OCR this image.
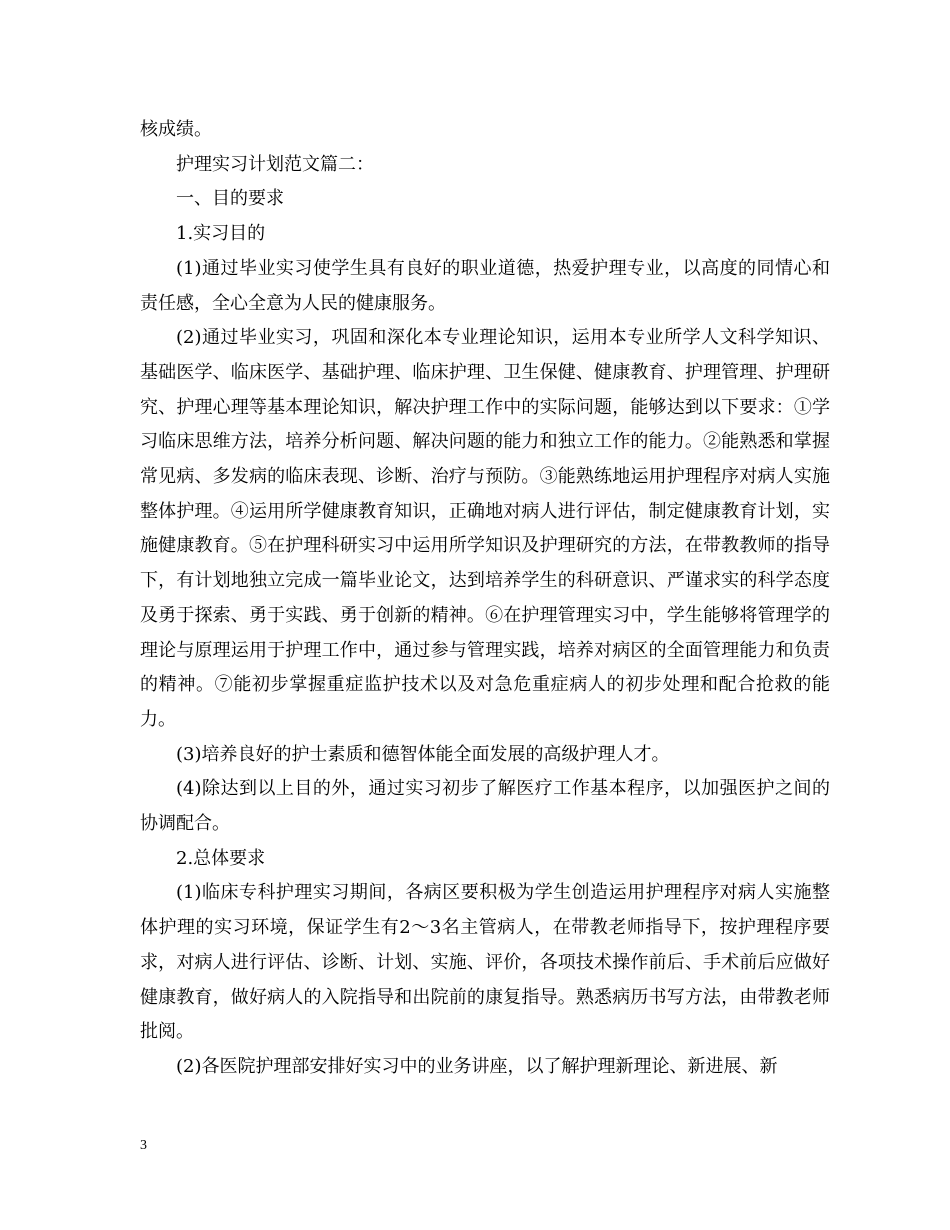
核成绩。

护理实习计划范文篇二：

一、目的要求

1.实习目的

(1)通过毕业实习使学生具有良好的职业道德，热爱护理专业，以高度的同情心和责任感，全心全意为人民的健康服务。

(2)通过毕业实习，巩固和深化本专业理论知识，运用本专业所学人文科学知识、基础医学、临床医学、基础护理、临床护理、卫生保健、健康教育、护理管理、护理研究、护理心理等基本理论知识，解决护理工作中的实际问题，能够达到以下要求：①学习临床思维方法，培养分析问题、解决问题的能力和独立工作的能力。②能熟悉和掌握常见病、多发病的临床表现、诊断、治疗与预防。③能熟练地运用护理程序对病人实施整体护理。④运用所学健康教育知识，正确地对病人进行评估，制定健康教育计划，实施健康教育。⑤在护理科研实习中运用所学知识及护理研究的方法，在带教教师的指导下，有计划地独立完成一篇毕业论文，达到培养学生的科研意识、严谨求实的科学态度及勇于探索、勇于实践、勇于创新的精神。⑥在护理管理实习中，学生能够将管理学的理论与原理运用于护理工作中，通过参与管理实践，培养对病区的全面管理能力和负责的精神。⑦能初步掌握重症监护技术以及对急危重症病人的初步处理和配合抢救的能力。

(3)培养良好的护士素质和德智体能全面发展的高级护理人才。

(4)除达到以上目的外，通过实习初步了解医疗工作基本程序，以加强医护之间的协调配合。

2.总体要求

(1)临床专科护理实习期间，各病区要积极为学生创造运用护理程序对病人实施整体护理的实习环境，保证学生有2～3名主管病人，在带教老师指导下，按护理程序要求，对病人进行评估、诊断、计划、实施、评价，各项技术操作前后、手术前后应做好健康教育，做好病人的入院指导和出院前的康复指导。熟悉病历书写方法，由带教老师批阅。

(2)各医院护理部安排好实习中的业务讲座，以了解护理新理论、新进展、新

3
